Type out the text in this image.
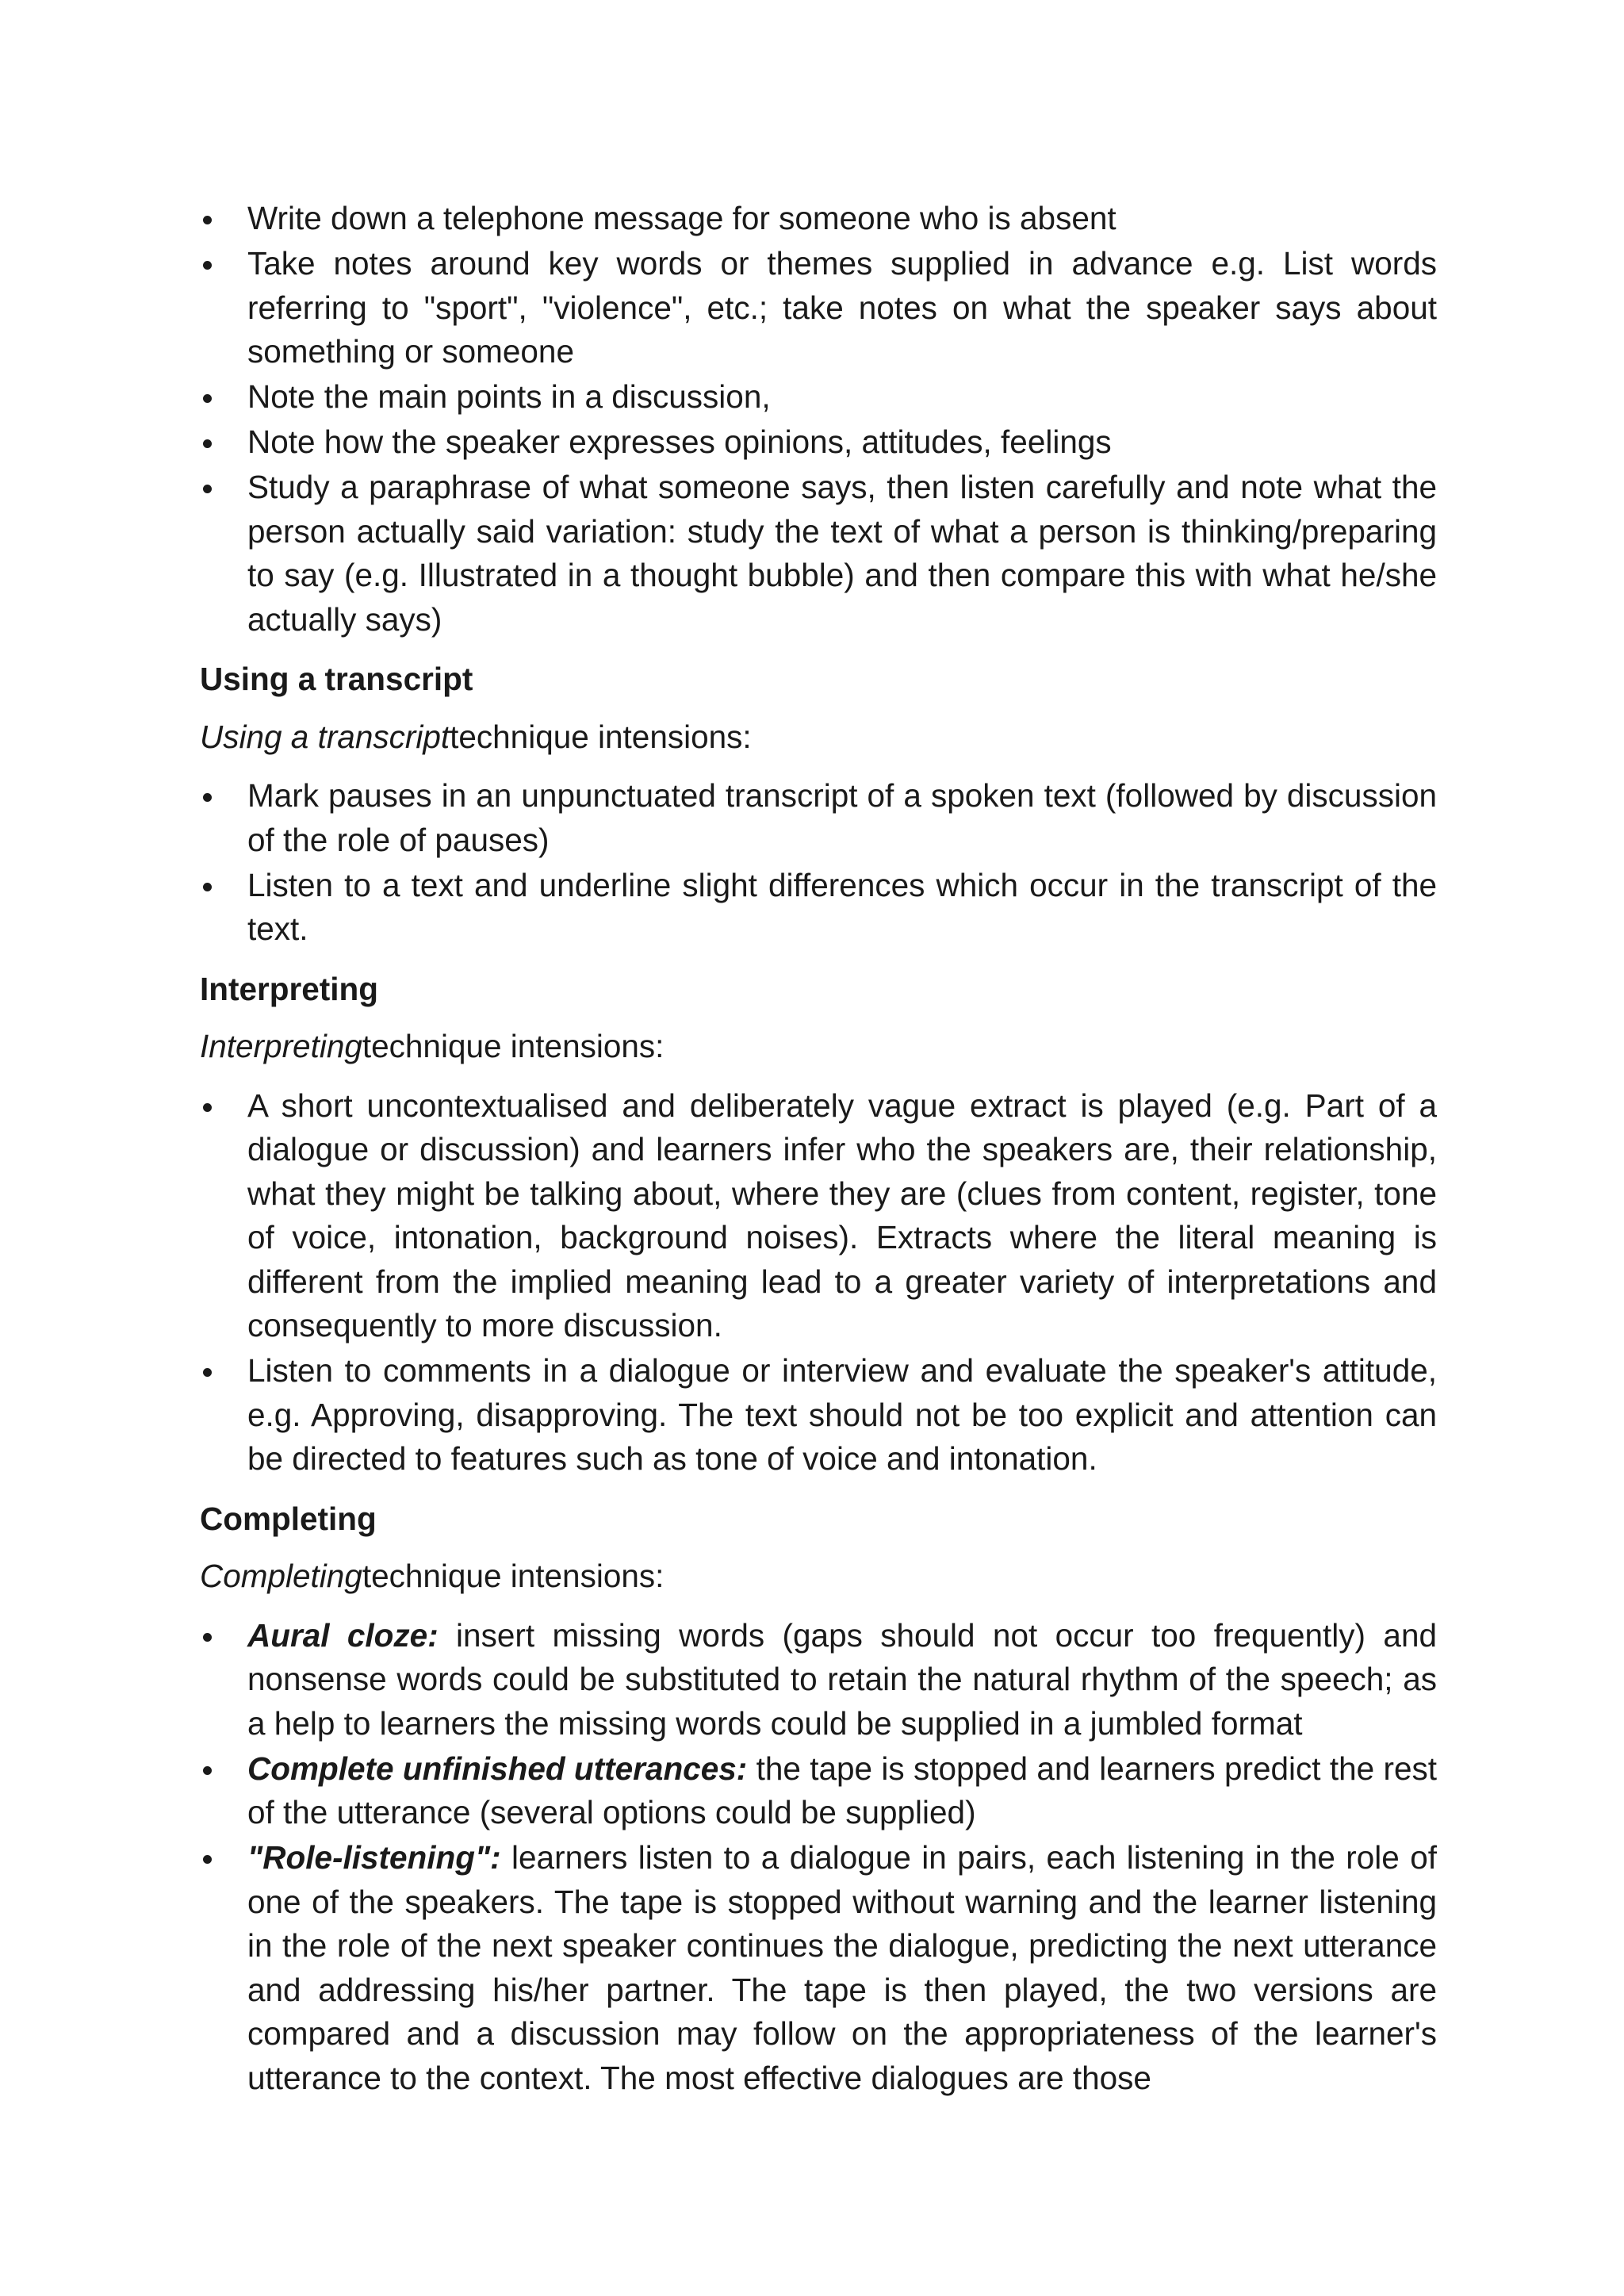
Write down a telephone message for someone who is absent
Take notes around key words or themes supplied in advance e.g. List words referring to "sport", "violence", etc.; take notes on what the speaker says about something or someone
Note the main points in a discussion,
Note how the speaker expresses opinions, attitudes, feelings
Study a paraphrase of what someone says, then listen carefully and note what the person actually said variation: study the text of what a person is thinking/preparing to say (e.g. Illustrated in a thought bubble) and then compare this with what he/she actually says)
Using a transcript
Using a transcripttechnique intensions:
Mark pauses in an unpunctuated transcript of a spoken text (followed by discussion of the role of pauses)
Listen to a text and underline slight differences which occur in the transcript of the text.
Interpreting
Interpretingtechnique intensions:
A short uncontextualised and deliberately vague extract is played (e.g. Part of a dialogue or discussion) and learners infer who the speakers are, their relationship, what they might be talking about, where they are (clues from content, register, tone of voice, intonation, background noises). Extracts where the literal meaning is different from the implied meaning lead to a greater variety of interpretations and consequently to more discussion.
Listen to comments in a dialogue or interview and evaluate the speaker's attitude, e.g. Approving, disapproving. The text should not be too explicit and attention can be directed to features such as tone of voice and intonation.
Completing
Completingtechnique intensions:
Aural cloze: insert missing words (gaps should not occur too frequently) and nonsense words could be substituted to retain the natural rhythm of the speech; as a help to learners the missing words could be supplied in a jumbled format
Complete unfinished utterances: the tape is stopped and learners predict the rest of the utterance (several options could be supplied)
"Role-listening": learners listen to a dialogue in pairs, each listening in the role of one of the speakers. The tape is stopped without warning and the learner listening in the role of the next speaker continues the dialogue, predicting the next utterance and addressing his/her partner. The tape is then played, the two versions are compared and a discussion may follow on the appropriateness of the learner's utterance to the context. The most effective dialogues are those
